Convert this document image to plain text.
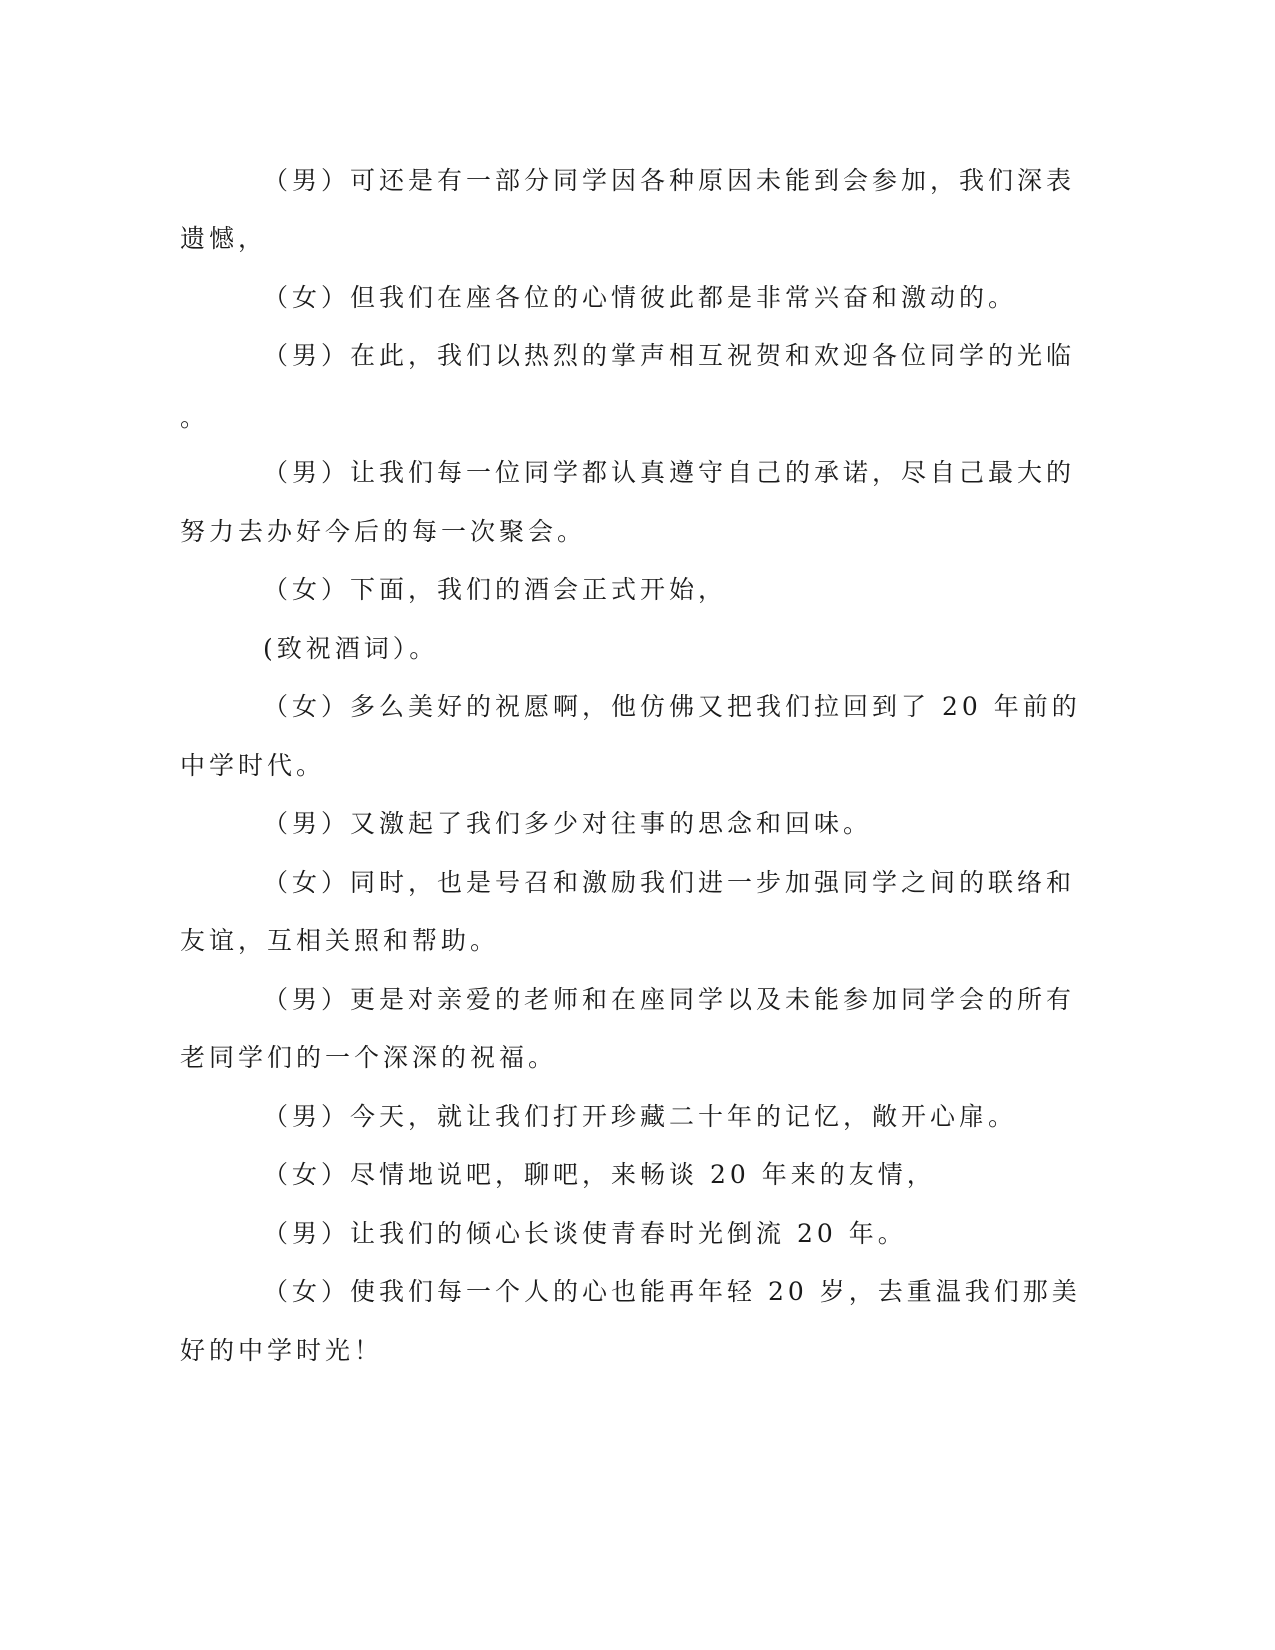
（男）可还是有一部分同学因各种原因未能到会参加，我们深表

遗憾，

（女）但我们在座各位的心情彼此都是非常兴奋和激动的。

（男）在此，我们以热烈的掌声相互祝贺和欢迎各位同学的光临

。

（男）让我们每一位同学都认真遵守自己的承诺，尽自己最大的

努力去办好今后的每一次聚会。

（女）下面，我们的酒会正式开始，

(致祝酒词）。

（女）多么美好的祝愿啊，他仿佛又把我们拉回到了 20 年前的

中学时代。

（男）又激起了我们多少对往事的思念和回味。

（女）同时，也是号召和激励我们进一步加强同学之间的联络和

友谊，互相关照和帮助。

（男）更是对亲爱的老师和在座同学以及未能参加同学会的所有

老同学们的一个深深的祝福。

（男）今天，就让我们打开珍藏二十年的记忆，敞开心扉。

（女）尽情地说吧，聊吧，来畅谈 20 年来的友情，

（男）让我们的倾心长谈使青春时光倒流 20 年。

（女）使我们每一个人的心也能再年轻 20 岁，去重温我们那美

好的中学时光！
